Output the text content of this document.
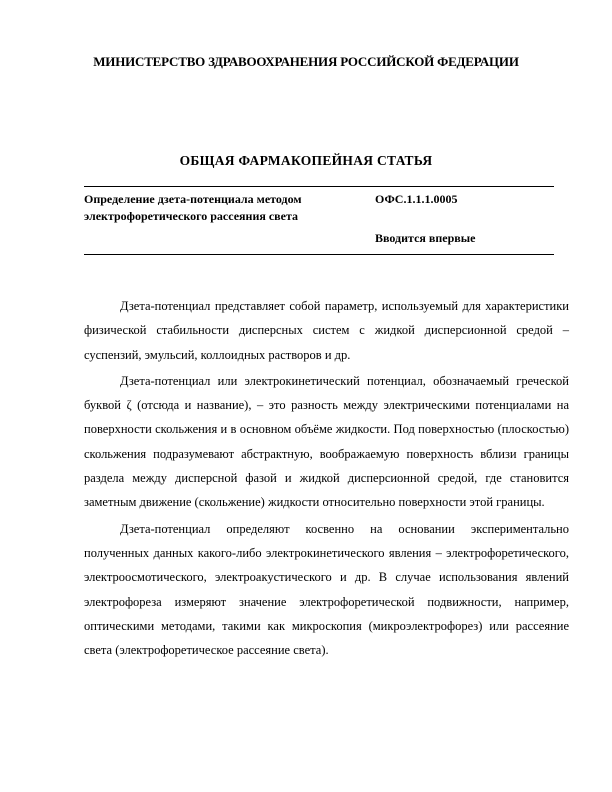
МИНИСТЕРСТВО ЗДРАВООХРАНЕНИЯ РОССИЙСКОЙ ФЕДЕРАЦИИ
ОБЩАЯ ФАРМАКОПЕЙНАЯ СТАТЬЯ
Определение дзета-потенциала методом
электрофоретического рассеяния света
ОФС.1.1.1.0005
Вводится впервые

Дзета-потенциал представляет собой параметр, используемый для характеристики физической стабильности дисперсных систем с жидкой дисперсионной средой – суспензий, эмульсий, коллоидных растворов и др.

Дзета-потенциал или электрокинетический потенциал, обозначаемый греческой буквой ζ (отсюда и название), – это разность между электрическими потенциалами на поверхности скольжения и в основном объёме жидкости. Под поверхностью (плоскостью) скольжения подразумевают абстрактную, воображаемую поверхность вблизи границы раздела между дисперсной фазой и жидкой дисперсионной средой, где становится заметным движение (скольжение) жидкости относительно поверхности этой границы.

Дзета-потенциал определяют косвенно на основании экспериментально полученных данных какого-либо электрокинетического явления – электрофоретического, электроосмотического, электроакустического и др. В случае использования явлений электрофореза измеряют значение электрофоретической подвижности, например, оптическими методами, такими как микроскопия (микроэлектрофорез) или рассеяние света (электрофоретическое рассеяние света).
